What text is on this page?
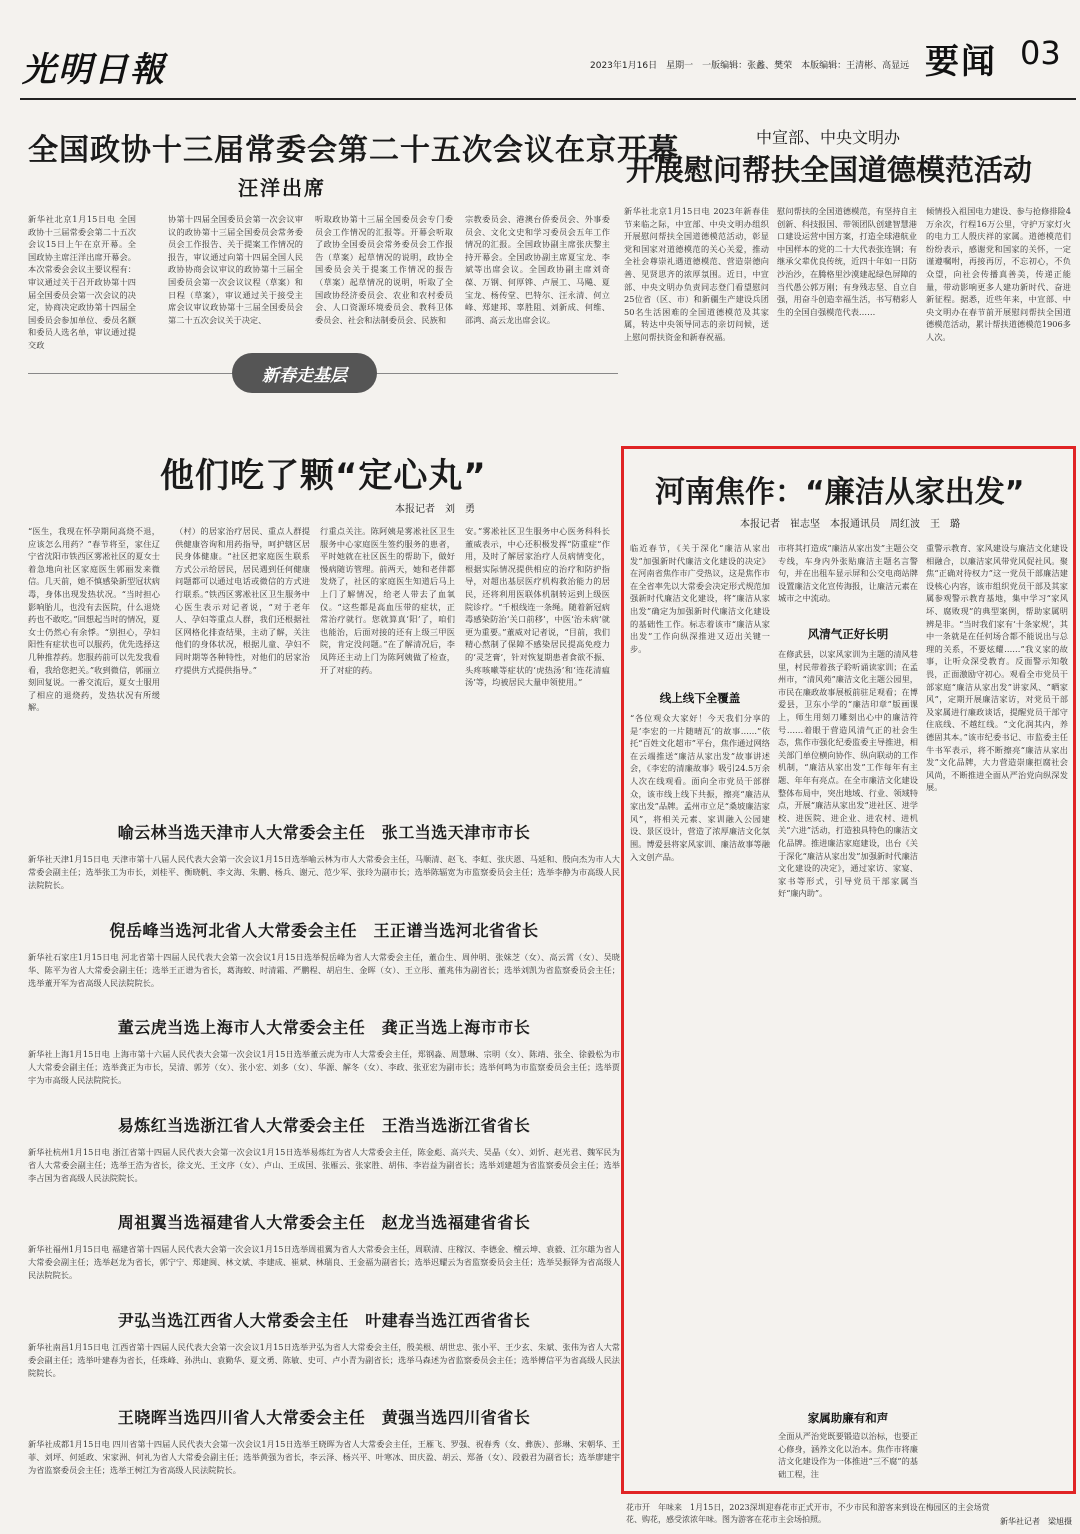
光明日報	2023年1月16日　 星期一　 一版编辑：张蠡、樊荣　本版编辑：王清彬、高显远 要闻 03
全国政协十三届常委会第二十五次会议在京开幕
汪洋出席
新华社北京1月15日电 全国政协十三届常委会第二十五次会议15日上午在京开幕。全国政协主席汪洋出席开幕会。本次常委会会议主要议程有：审议通过关于召开政协第十四届全国委员会第一次会议的决定，协商决定政协第十四届全国委员会参加单位、委员名额和委员人选名单，审议通过提交政
协第十四届全国委员会第一次会议审议的政协第十三届全国委员会常务委员会工作报告、关于提案工作情况的报告，审议通过向第十四届全国人民政协协商会议审议的政协第十三届全国委员会第一次会议议程（草案）和日程（草案），审议通过关于接受主席会议审议政协第十三届全国委员会第二十五次会议关于决定、
听取政协第十三届全国委员会专门委员会工作情况的汇报等。开幕会听取了政协全国委员会常务委员会工作报告（草案）起草情况的说明，政协全国委员会关于提案工作情况的报告（草案）起草情况的说明，听取了全国政协经济委员会、农业和农村委员会、人口资源环境委员会、教科卫体委员会、社会和法制委员会、民族和
宗教委员会、港澳台侨委员会、外事委员会、文化文史和学习委员会五年工作情况的汇报。全国政协副主席张庆黎主持开幕会。全国政协副主席夏宝龙、李斌等出席会议。全国政协副主席刘奇葆、万钢、何厚铧、卢展工、马飚、夏宝龙、杨传堂、巴特尔、汪永清、何立峰、郑建邦、辜胜阻、刘新成、何维、邵鸿、高云龙出席会议。
中宣部、中央文明办
开展慰问帮扶全国道德模范活动
新华社北京1月15日电 2023年新春佳节来临之际，中宣部、中央文明办组织开展慰问帮扶全国道德模范活动，彰显党和国家对道德模范的关心关爱，推动全社会尊崇礼遇道德模范、营造崇德向善、见贤思齐的浓厚氛围。近日，中宣部、中央文明办负责同志登门看望慰问25位省（区、市）和新疆生产建设兵团50名生活困难的全国道德模范及其家属，转达中央领导同志的亲切问候，送上慰问帮扶资金和新春祝福。
慰问帮扶的全国道德模范，有坚持自主创新、科技报国、带领团队创建智慧港口建设运营中国方案，打造全球港航业中国样本的党的二十大代表张连钢；有继承父辈优良传统，近四十年如一日防沙治沙，在腾格里沙漠建起绿色屏障的当代愚公郭万刚；有身残志坚、自立自强，用奋斗创造幸福生活，书写精彩人生的全国自强模范代表……
倾情投入祖国电力建设、参与抢修排险4万余次，行程16万公里，守护万家灯火的电力工人殷庆祥的家属。道德模范们纷纷表示，感谢党和国家的关怀，一定谨遵嘱咐，再接再厉，不忘初心，不负众望，向社会传播真善美，传递正能量，带动影响更多人建功新时代、奋进新征程。据悉，近些年来，中宣部、中央文明办在春节前开展慰问帮扶全国道德模范活动，累计帮扶道德模范1906多人次。
新春走基层
他们吃了颗“定心丸”
本报记者　刘　勇
“医生，我现在怀孕期间高烧不退，应该怎么用药？”春节将至，家住辽宁省沈阳市铁西区雾凇社区的夏女士着急地向社区家庭医生郭丽发来微信。几天前，她不慎感染新型冠状病毒，身体出现发热状况。“当时担心影响胎儿，也没有去医院，什么退烧药也不敢吃。”回想起当时的情况，夏女士仍然心有余悸。“别担心，孕妇阳性有症状也可以服药，优先选择这几种推荐药。您服药前可以先发我看看，我给您把关。”收到微信，郭丽立刻回复说。一番交流后，夏女士服用了相应的退烧药，发热状况有所缓解。
（村）的居家治疗居民、重点人群提供健康咨询和用药指导，呵护辖区居民身体健康。“社区把家庭医生联系方式公示给居民，居民遇到任何健康问题都可以通过电话或微信的方式进行联系。”铁西区雾凇社区卫生服务中心医生表示对记者说，“对于老年人、孕妇等重点人群，我们还根据社区网格化排查结果，主动了解，关注他们的身体状况，根据儿童、孕妇不同时期等各种特性，对他们的居家治疗提供方式提供指导。”
行重点关注。陈阿姨是雾凇社区卫生服务中心家庭医生签约服务的患者，平时她就在社区医生的帮助下，做好慢病随访管理。前两天，她和老伴都发烧了，社区的家庭医生知道后马上上门了解情况，给老人带去了血氧仪。“这些都是高血压带的症状，正常治疗就行。您就算真‘阳’了，咱们也能治，后面对接的还有上级三甲医院，肯定没问题。”在了解清况后，李凤阵还主动上门为陈阿姨做了检查，开了对症的药。
安。”雾凇社区卫生服务中心医务科科长董威表示，中心还积极发挥“防重症”作用，及时了解居家治疗人员病情变化，根据实际情况提供相应的治疗和防护指导，对超出基层医疗机构救治能力的居民，还将利用医联体机制转运到上级医院诊疗。“千根线连一条绳。随着新冠病毒感染防治‘关口前移’，中医‘治未病’就更为重要。”董威对记者说，“目前，我们精心熬制了保障不感染居民提高免疫力的‘灵芝膏’，针对恢复期患者食欲不振、头疼咳嗽等症状的‘虎热汤’和‘连花清瘟汤’等，均被居民大量申领使用。”
河南焦作：“廉洁从家出发”
本报记者　崔志坚　本报通讯员　周红波　王　璐
临近春节，《关于深化“廉洁从家出发”加强新时代廉洁文化建设的决定》在河南省焦作市广受热议，这是焦作市在全省率先以大常委会决定形式规范加强新时代廉洁文化建设，将“廉洁从家出发”确定为加强新时代廉洁文化建设的基础性工作。标志着该市“廉洁从家出发”工作向纵深推进又迈出关键一步。
线上线下全覆盖
“各位观众大家好！今天我们分享的是‘李宏的一片随晴瓦’的故事……”依托“百姓文化超市”平台，焦作通过网络在云端推送“廉洁从家出发”故事讲述会，《李宏的清廉故事》吸引24.5万余人次在线观看。面向全市党员干部群众，该市线上线下共振，擦亮“廉洁从家出发”品牌。孟州市立足“桑坡廉洁家风”，将相关元素、家训融入公园建设、景区设计，营造了浓厚廉洁文化氛围。博爱县将家风家训、廉洁故事等融入文创产品。
市将其打造成“廉洁从家出发”主题公交专线，车身内外张贴廉洁主题名言警句，并在出租车显示屏和公交电商站牌设置廉洁文化宣传海报，让廉洁元素在城市之中流动。
风清气正好长明
在修武县，以家风家训为主题的清风巷里，村民带着孩子聆听诵读家训；在孟州市，“清风苑”廉洁文化主题公园里，市民在廉政故事展板前驻足观看；在博爱县，卫东小学的“廉洁印章”版画课上，师生用刻刀雕刻出心中的廉洁符号……着眼于营造风清气正的社会生态，焦作市强化纪委监委主导推进，相关部门单位横向协作、纵向联动的工作机制，“廉洁从家出发”工作每年有主题、年年有亮点。在全市廉洁文化建设整体布局中，突出地域、行业、领域特点，开展“廉洁从家出发”进社区、进学校、进医院、进企业、进农村、进机关“六进”活动，打造独具特色的廉洁文化品牌。推进廉洁家庭建设，出台《关于深化“廉洁从家出发”加强新时代廉洁文化建设的决定》，通过家访、家宴、家书等形式，引导党员干部家属当好“廉内助”。
家属助廉有和声
全面从严治党既要锻造以治标，也要正心修身，涵养文化以治本。焦作市将廉洁文化建设作为一体推进“三不腐”的基础工程，注
重警示教育、家风建设与廉洁文化建设相融合，以廉洁家风带党风促社风。聚焦“正确对待权力”这一党员干部廉洁建设核心内容，该市组织党员干部及其家属参观警示教育基地，集中学习“家风坏、腐败现”的典型案例，帮助家属明辨是非。“当时我们家有‘十条家规’，其中一条就是在任何场合都不能说出与总理的关系，不要炫耀……”我义家的故事，让听众深受教育。反面警示知敬畏，正面激励守初心。观看全市党员干部家庭“廉洁从家出发”讲家风、“晒家风”，定期开展廉洁家访，对党员干部及家属进行廉政谈话，提醒党员干部守住底线、不越红线。“文化润其内，养德固其本。”该市纪委书记、市监委主任牛书军表示，将不断擦亮“廉洁从家出发”文化品牌，大力营造崇廉拒腐社会风尚，不断推进全面从严治党向纵深发展。
喻云林当选天津市人大常委会主任　张工当选天津市市长
新华社天津1月15日电 天津市第十八届人民代表大会第一次会议1月15日选举喻云林为市人大常委会主任，马顺清、赵飞、李虹、张庆恩、马延和、殷向杰为市人大常委会副主任；选举张工为市长，刘桂平、衡晓帆、李文海、朱鹏、杨兵、谢元、范少军、张玲为副市长；选举陈辐宽为市监察委员会主任；选举李静为市高级人民法院院长。
倪岳峰当选河北省人大常委会主任　王正谱当选河北省省长
新华社石家庄1月15日电 河北省第十四届人民代表大会第一次会议1月15日选举倪岳峰为省人大常委会主任，董仚生、周仲明、张妹芝（女）、高云霄（女）、吴晓华、陈平为省人大常委会副主任；选举王正谱为省长，葛海蛟、时清霜、严鹏程、胡启生、金晖（女）、王立彤、董兆伟为副省长；选举刘凯为省监察委员会主任；选举董开军为省高级人民法院院长。
董云虎当选上海市人大常委会主任　龚正当选上海市市长
新华社上海1月15日电 上海市第十六届人民代表大会第一次会议1月15日选举董云虎为市人大常委会主任，郑钢淼、周慧琳、宗明（女）、陈靖、张全、徐毅松为市人大常委会副主任；选举龚正为市长，吴清、郭芳（女）、张小宏、刘多（女）、华源、解冬（女）、李政、张亚宏为副市长；选举何鸣为市监察委员会主任；选举贾宇为市高级人民法院院长。
易炼红当选浙江省人大常委会主任　王浩当选浙江省省长
新华社杭州1月15日电 浙江省第十四届人民代表大会第一次会议1月15日选举易炼红为省人大常委会主任，陈金彪、高兴夫、吴晶（女）、刘忻、赵光君、魏军民为省人大常委会副主任；选举王浩为省长，徐文光、王文序（女）、卢山、王成国、张雁云、张家胜、胡伟、李岩益为副省长；选举刘建超为省监察委员会主任；选举李占国为省高级人民法院院长。
周祖翼当选福建省人大常委会主任　赵龙当选福建省省长
新华社福州1月15日电 福建省第十四届人民代表大会第一次会议1月15日选举周祖翼为省人大常委会主任，周联清、庄稼汉、李德金、檀云坤、袁毅、江尔雄为省人大常委会副主任；选举赵龙为省长，郭宁宁、郑建闽、林文斌、李建成、崔斌、林瑞良、王金福为副省长；选举迟耀云为省监察委员会主任；选举吴振铎为省高级人民法院院长。
尹弘当选江西省人大常委会主任　叶建春当选江西省省长
新华社南昌1月15日电 江西省第十四届人民代表大会第一次会议1月15日选举尹弘为省人大常委会主任，殷美根、胡世忠、张小平、王少玄、朱斌、张伟为省人大常委会副主任；选举叶建春为省长，任珠峰、孙洪山、袁勤华、夏文勇、陈敏、史可、卢小青为副省长；选举马森述为省监察委员会主任；选举傅信平为省高级人民法院院长。
王晓晖当选四川省人大常委会主任　黄强当选四川省省长
新华社成都1月15日电 四川省第十四届人民代表大会第一次会议1月15日选举王晓晖为省人大常委会主任，王雁飞、罗强、祝春秀（女、彝族）、彭琳、宋朝华、王菲、刘坪、何延政、宋家洲、何礼为省人大常委会副主任；选举黄强为省长，李云泽、杨兴平、叶寒冰、田庆盈、胡云、郑备（女）、段毅君为副省长；选举廖建宇为省监察委员会主任；选举王树江为省高级人民法院院长。
花市开　年味来　1月15日，2023深圳迎春花市正式开市，不少市民和游客来到设在梅园区的主会场赏花、购花，感受浓浓年味。图为游客在花市主会场拍照。	新华社记者　梁旭摄
